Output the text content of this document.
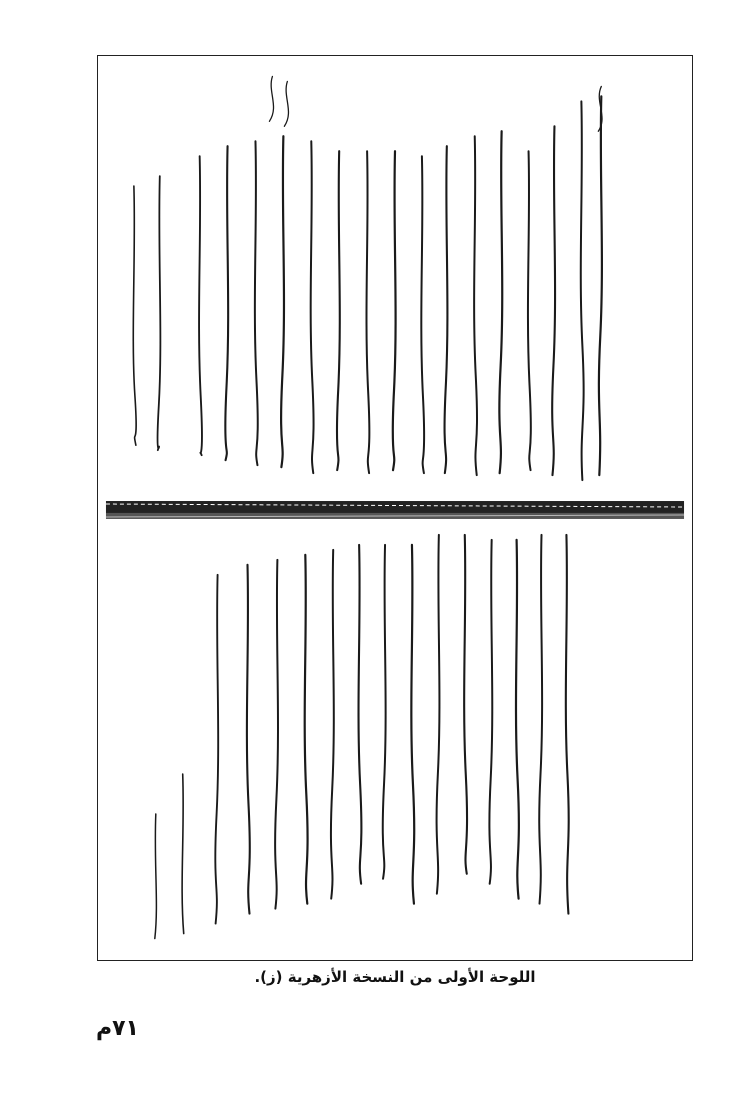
اللوحة الأولى من النسخة الأزهرية (ز).
٧١م
